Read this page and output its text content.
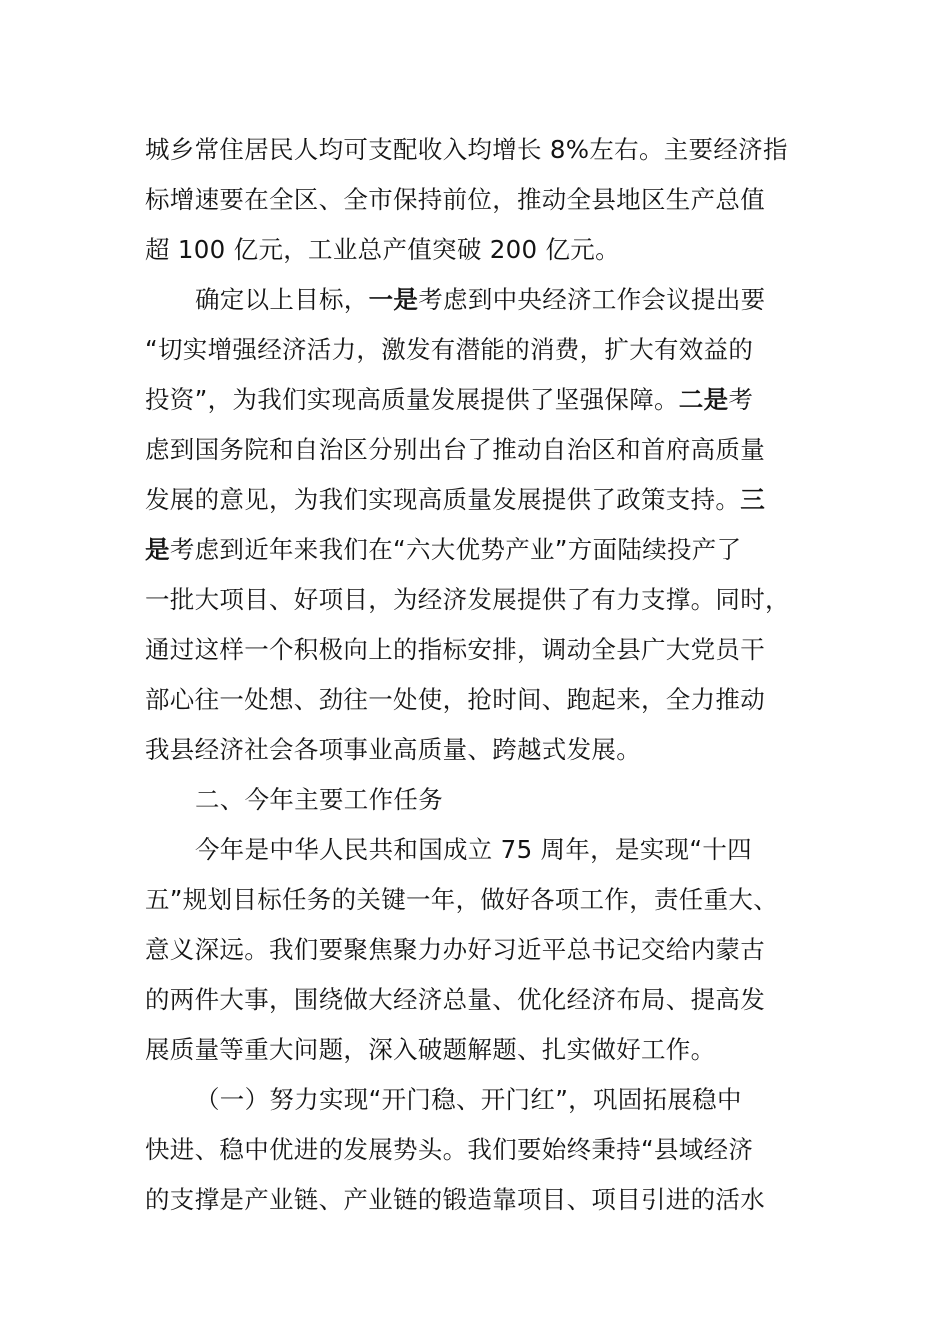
城乡常住居民人均可支配收入均增长 8%左右。主要经济指
标增速要在全区、全市保持前位，推动全县地区生产总值
超 100 亿元，工业总产值突破 200 亿元。
确定以上目标，一是考虑到中央经济工作会议提出要
“切实增强经济活力，激发有潜能的消费，扩大有效益的
投资”，为我们实现高质量发展提供了坚强保障。二是考
虑到国务院和自治区分别出台了推动自治区和首府高质量
发展的意见，为我们实现高质量发展提供了政策支持。三
是考虑到近年来我们在“六大优势产业”方面陆续投产了
一批大项目、好项目，为经济发展提供了有力支撑。同时，
通过这样一个积极向上的指标安排，调动全县广大党员干
部心往一处想、劲往一处使，抢时间、跑起来，全力推动
我县经济社会各项事业高质量、跨越式发展。
二、今年主要工作任务
今年是中华人民共和国成立 75 周年，是实现“十四
五”规划目标任务的关键一年，做好各项工作，责任重大、
意义深远。我们要聚焦聚力办好习近平总书记交给内蒙古
的两件大事，围绕做大经济总量、优化经济布局、提高发
展质量等重大问题，深入破题解题、扎实做好工作。
（一）努力实现“开门稳、开门红”，巩固拓展稳中
快进、稳中优进的发展势头。我们要始终秉持“县域经济
的支撑是产业链、产业链的锻造靠项目、项目引进的活水
